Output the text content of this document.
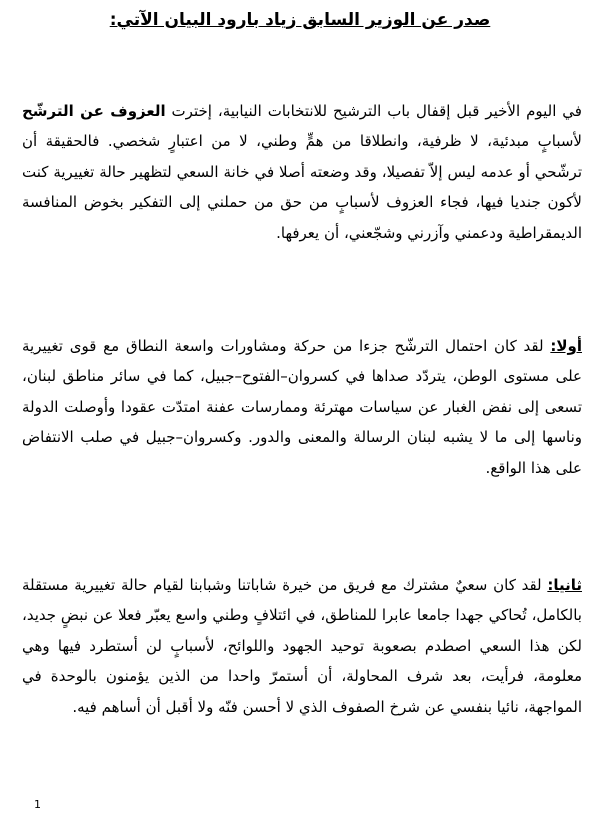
صدر عن الوزير السابق زياد بارود البيان الآتي:

في اليوم الأخير قبل إقفال باب الترشيح للانتخابات النيابية، إخترت العزوف عن الترشّح لأسبابٍ مبدئية، لا ظرفية، وانطلاقا من همٍّ وطني، لا من اعتبارٍ شخصي. فالحقيقة أن ترشّحي أو عدمه ليس إلاّ تفصيلا، وقد وضعته أصلا في خانة السعي لتظهير حالة تغييرية كنت لأكون جنديا فيها، فجاء العزوف لأسبابٍ من حق من حملني إلى التفكير بخوض المنافسة الديمقراطية ودعمني وآزرني وشجّعني، أن يعرفها.

أولا: لقد كان احتمال الترشّح جزءا من حركة ومشاورات واسعة النطاق مع قوى تغييرية على مستوى الوطن، يتردّد صداها في كسروان–الفتوح–جبيل، كما في سائر مناطق لبنان، تسعى إلى نفض الغبار عن سياسات مهترئة وممارسات عفنة امتدّت عقودا وأوصلت الدولة وناسها إلى ما لا يشبه لبنان الرسالة والمعنى والدور. وكسروان–جبيل في صلب الانتفاض على هذا الواقع.

ثانيا: لقد كان سعيٌ مشترك مع فريق من خيرة شاباتنا وشبابنا لقيام حالة تغييرية مستقلة بالكامل، تُحاكي جهدا جامعا عابرا للمناطق، في ائتلافٍ وطني واسع يعبّر فعلا عن نبضٍ جديد، لكن هذا السعي اصطدم بصعوبة توحيد الجهود واللوائح، لأسبابٍ لن أستطرد فيها وهي معلومة، فرأيت، بعد شرف المحاولة، أن أستمرّ واحدا من الذين يؤمنون بالوحدة في المواجهة، نائيا بنفسي عن شرخ الصفوف الذي لا أحسن فنّه ولا أقبل أن أساهم فيه.

1
